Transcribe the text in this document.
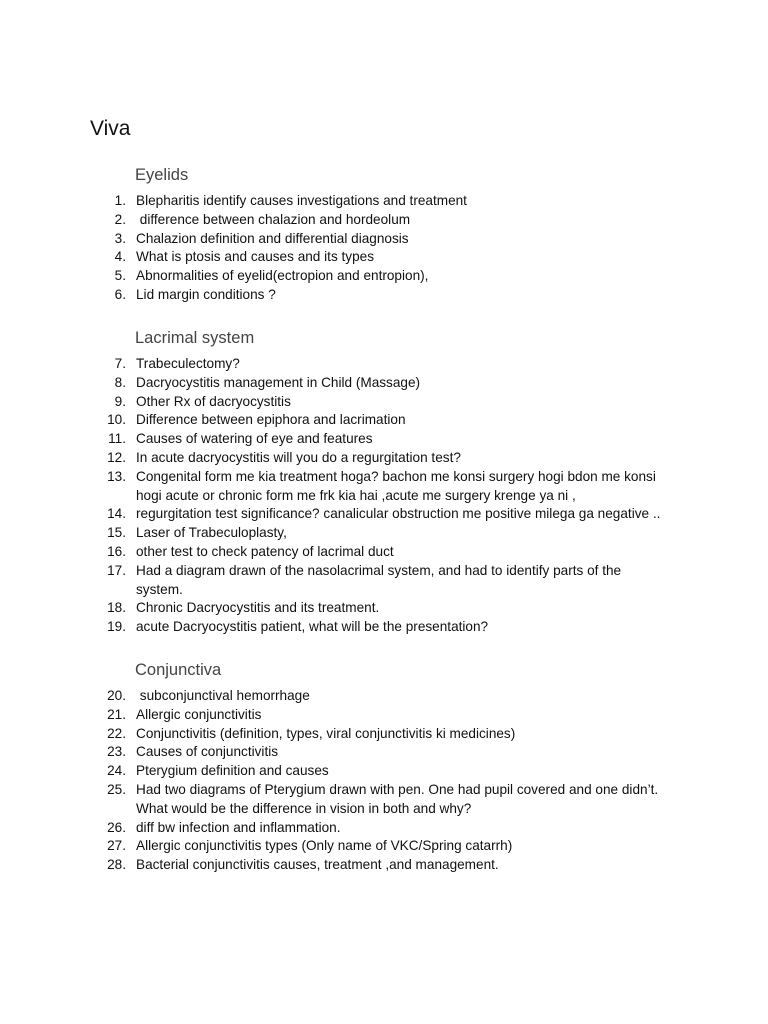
Viva
Eyelids
1. Blepharitis identify causes investigations and treatment
2. difference between chalazion and hordeolum
3. Chalazion definition and differential diagnosis
4. What is ptosis and causes and its types
5. Abnormalities of eyelid(ectropion and entropion),
6. Lid margin conditions ?
Lacrimal system
7. Trabeculectomy?
8. Dacryocystitis management in Child (Massage)
9. Other Rx of dacryocystitis
10. Difference between epiphora and lacrimation
11. Causes of watering of eye and features
12. In acute dacryocystitis will you do a regurgitation test?
13. Congenital form me kia treatment hoga? bachon me konsi surgery hogi bdon me konsi
hogi acute or chronic form me frk kia hai ,acute me surgery krenge ya ni ,
14. regurgitation test significance? canalicular obstruction me positive milega ga negative ..
15. Laser of Trabeculoplasty,
16. other test to check patency of lacrimal duct
17. Had a diagram drawn of the nasolacrimal system, and had to identify parts of the
system.
18. Chronic Dacryocystitis and its treatment.
19. acute Dacryocystitis patient, what will be the presentation?
Conjunctiva
20. subconjunctival hemorrhage
21. Allergic conjunctivitis
22. Conjunctivitis (definition, types, viral conjunctivitis ki medicines)
23. Causes of conjunctivitis
24. Pterygium definition and causes
25. Had two diagrams of Pterygium drawn with pen. One had pupil covered and one didn’t.
What would be the difference in vision in both and why?
26. diff bw infection and inflammation.
27. Allergic conjunctivitis types (Only name of VKC/Spring catarrh)
28. Bacterial conjunctivitis causes, treatment ,and management.
